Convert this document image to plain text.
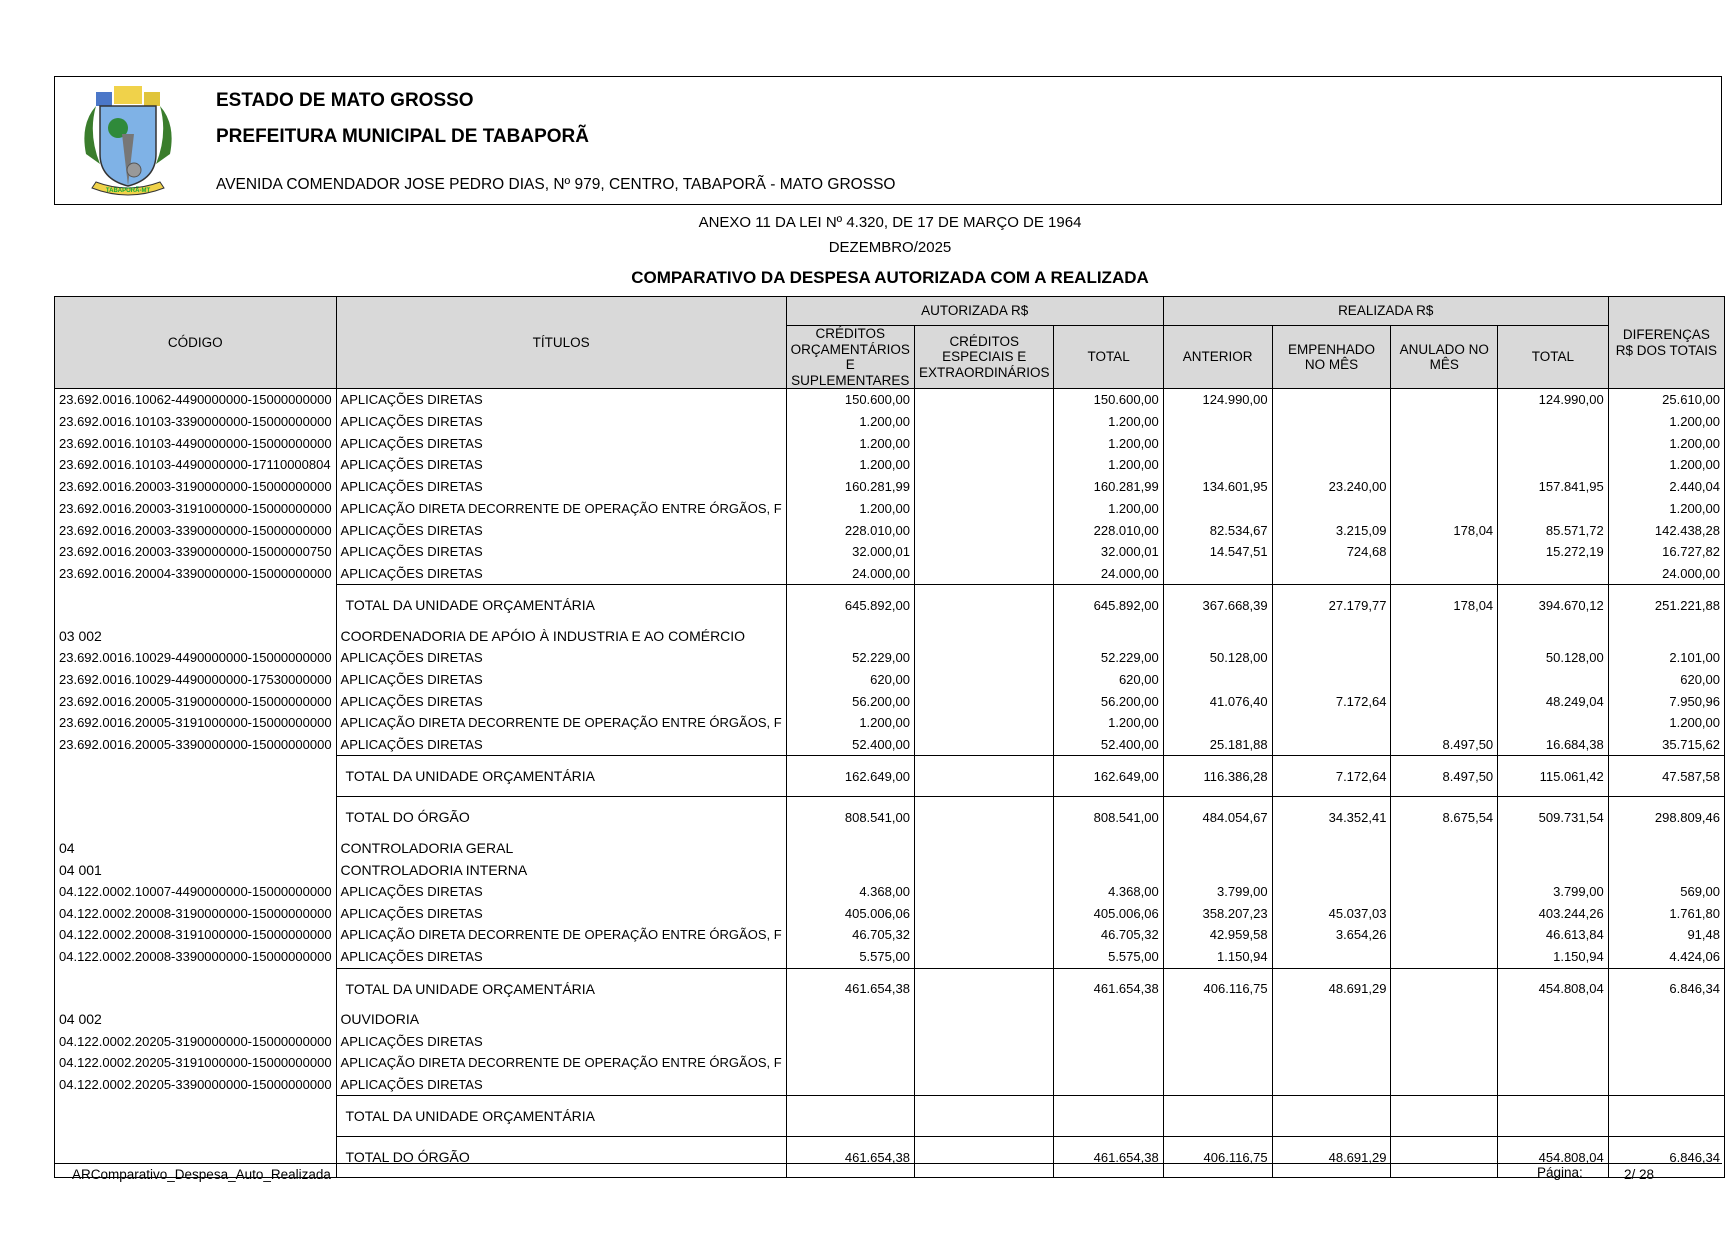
TABAPORÃ-MT
ESTADO DE MATO GROSSO
PREFEITURA MUNICIPAL DE TABAPORÃ
AVENIDA COMENDADOR JOSE PEDRO DIAS, Nº 979, CENTRO, TABAPORÃ - MATO GROSSO
ANEXO 11 DA LEI Nº 4.320, DE 17 DE MARÇO DE 1964
DEZEMBRO/2025
COMPARATIVO DA DESPESA AUTORIZADA COM A REALIZADA
CÓDIGO	TÍTULOS	AUTORIZADA R$			REALIZADA R$				DIFERENÇAS R$ DOS TOTAIS
		CRÉDITOS ORÇAMENTÁRIOS E SUPLEMENTARES	CRÉDITOS ESPECIAIS E EXTRAORDINÁRIOS	TOTAL	ANTERIOR	EMPENHADO NO MÊS	ANULADO NO MÊS	TOTAL	
23.692.0016.10062-4490000000-15000000000	APLICAÇÕES DIRETAS	150.600,00		150.600,00	124.990,00			124.990,00	25.610,00
23.692.0016.10103-3390000000-15000000000	APLICAÇÕES DIRETAS	1.200,00		1.200,00					1.200,00
23.692.0016.10103-4490000000-15000000000	APLICAÇÕES DIRETAS	1.200,00		1.200,00					1.200,00
23.692.0016.10103-4490000000-17110000804	APLICAÇÕES DIRETAS	1.200,00		1.200,00					1.200,00
23.692.0016.20003-3190000000-15000000000	APLICAÇÕES DIRETAS	160.281,99		160.281,99	134.601,95	23.240,00		157.841,95	2.440,04
23.692.0016.20003-3191000000-15000000000	APLICAÇÃO DIRETA DECORRENTE DE OPERAÇÃO ENTRE ÓRGÃOS, F	1.200,00		1.200,00					1.200,00
23.692.0016.20003-3390000000-15000000000	APLICAÇÕES DIRETAS	228.010,00		228.010,00	82.534,67	3.215,09	178,04	85.571,72	142.438,28
23.692.0016.20003-3390000000-15000000750	APLICAÇÕES DIRETAS	32.000,01		32.000,01	14.547,51	724,68		15.272,19	16.727,82
23.692.0016.20004-3390000000-15000000000	APLICAÇÕES DIRETAS	24.000,00		24.000,00					24.000,00
	TOTAL DA UNIDADE ORÇAMENTÁRIA	645.892,00		645.892,00	367.668,39	27.179,77	178,04	394.670,12	251.221,88
03 002	COORDENADORIA DE APÓIO À INDUSTRIA E AO COMÉRCIO								
23.692.0016.10029-4490000000-15000000000	APLICAÇÕES DIRETAS	52.229,00		52.229,00	50.128,00			50.128,00	2.101,00
23.692.0016.10029-4490000000-17530000000	APLICAÇÕES DIRETAS	620,00		620,00					620,00
23.692.0016.20005-3190000000-15000000000	APLICAÇÕES DIRETAS	56.200,00		56.200,00	41.076,40	7.172,64		48.249,04	7.950,96
23.692.0016.20005-3191000000-15000000000	APLICAÇÃO DIRETA DECORRENTE DE OPERAÇÃO ENTRE ÓRGÃOS, F	1.200,00		1.200,00					1.200,00
23.692.0016.20005-3390000000-15000000000	APLICAÇÕES DIRETAS	52.400,00		52.400,00	25.181,88		8.497,50	16.684,38	35.715,62
	TOTAL DA UNIDADE ORÇAMENTÁRIA	162.649,00		162.649,00	116.386,28	7.172,64	8.497,50	115.061,42	47.587,58
	TOTAL DO ÓRGÃO	808.541,00		808.541,00	484.054,67	34.352,41	8.675,54	509.731,54	298.809,46
04	CONTROLADORIA GERAL								
04 001	CONTROLADORIA INTERNA								
04.122.0002.10007-4490000000-15000000000	APLICAÇÕES DIRETAS	4.368,00		4.368,00	3.799,00			3.799,00	569,00
04.122.0002.20008-3190000000-15000000000	APLICAÇÕES DIRETAS	405.006,06		405.006,06	358.207,23	45.037,03		403.244,26	1.761,80
04.122.0002.20008-3191000000-15000000000	APLICAÇÃO DIRETA DECORRENTE DE OPERAÇÃO ENTRE ÓRGÃOS, F	46.705,32		46.705,32	42.959,58	3.654,26		46.613,84	91,48
04.122.0002.20008-3390000000-15000000000	APLICAÇÕES DIRETAS	5.575,00		5.575,00	1.150,94			1.150,94	4.424,06
	TOTAL DA UNIDADE ORÇAMENTÁRIA	461.654,38		461.654,38	406.116,75	48.691,29		454.808,04	6.846,34
04 002	OUVIDORIA								
04.122.0002.20205-3190000000-15000000000	APLICAÇÕES DIRETAS								
04.122.0002.20205-3191000000-15000000000	APLICAÇÃO DIRETA DECORRENTE DE OPERAÇÃO ENTRE ÓRGÃOS, F								
04.122.0002.20205-3390000000-15000000000	APLICAÇÕES DIRETAS								
	TOTAL DA UNIDADE ORÇAMENTÁRIA								
	TOTAL DO ÓRGÃO	461.654,38		461.654,38	406.116,75	48.691,29		454.808,04	6.846,34
ARComparativo_Despesa_Auto_Realizada	Página:	2/ 28
